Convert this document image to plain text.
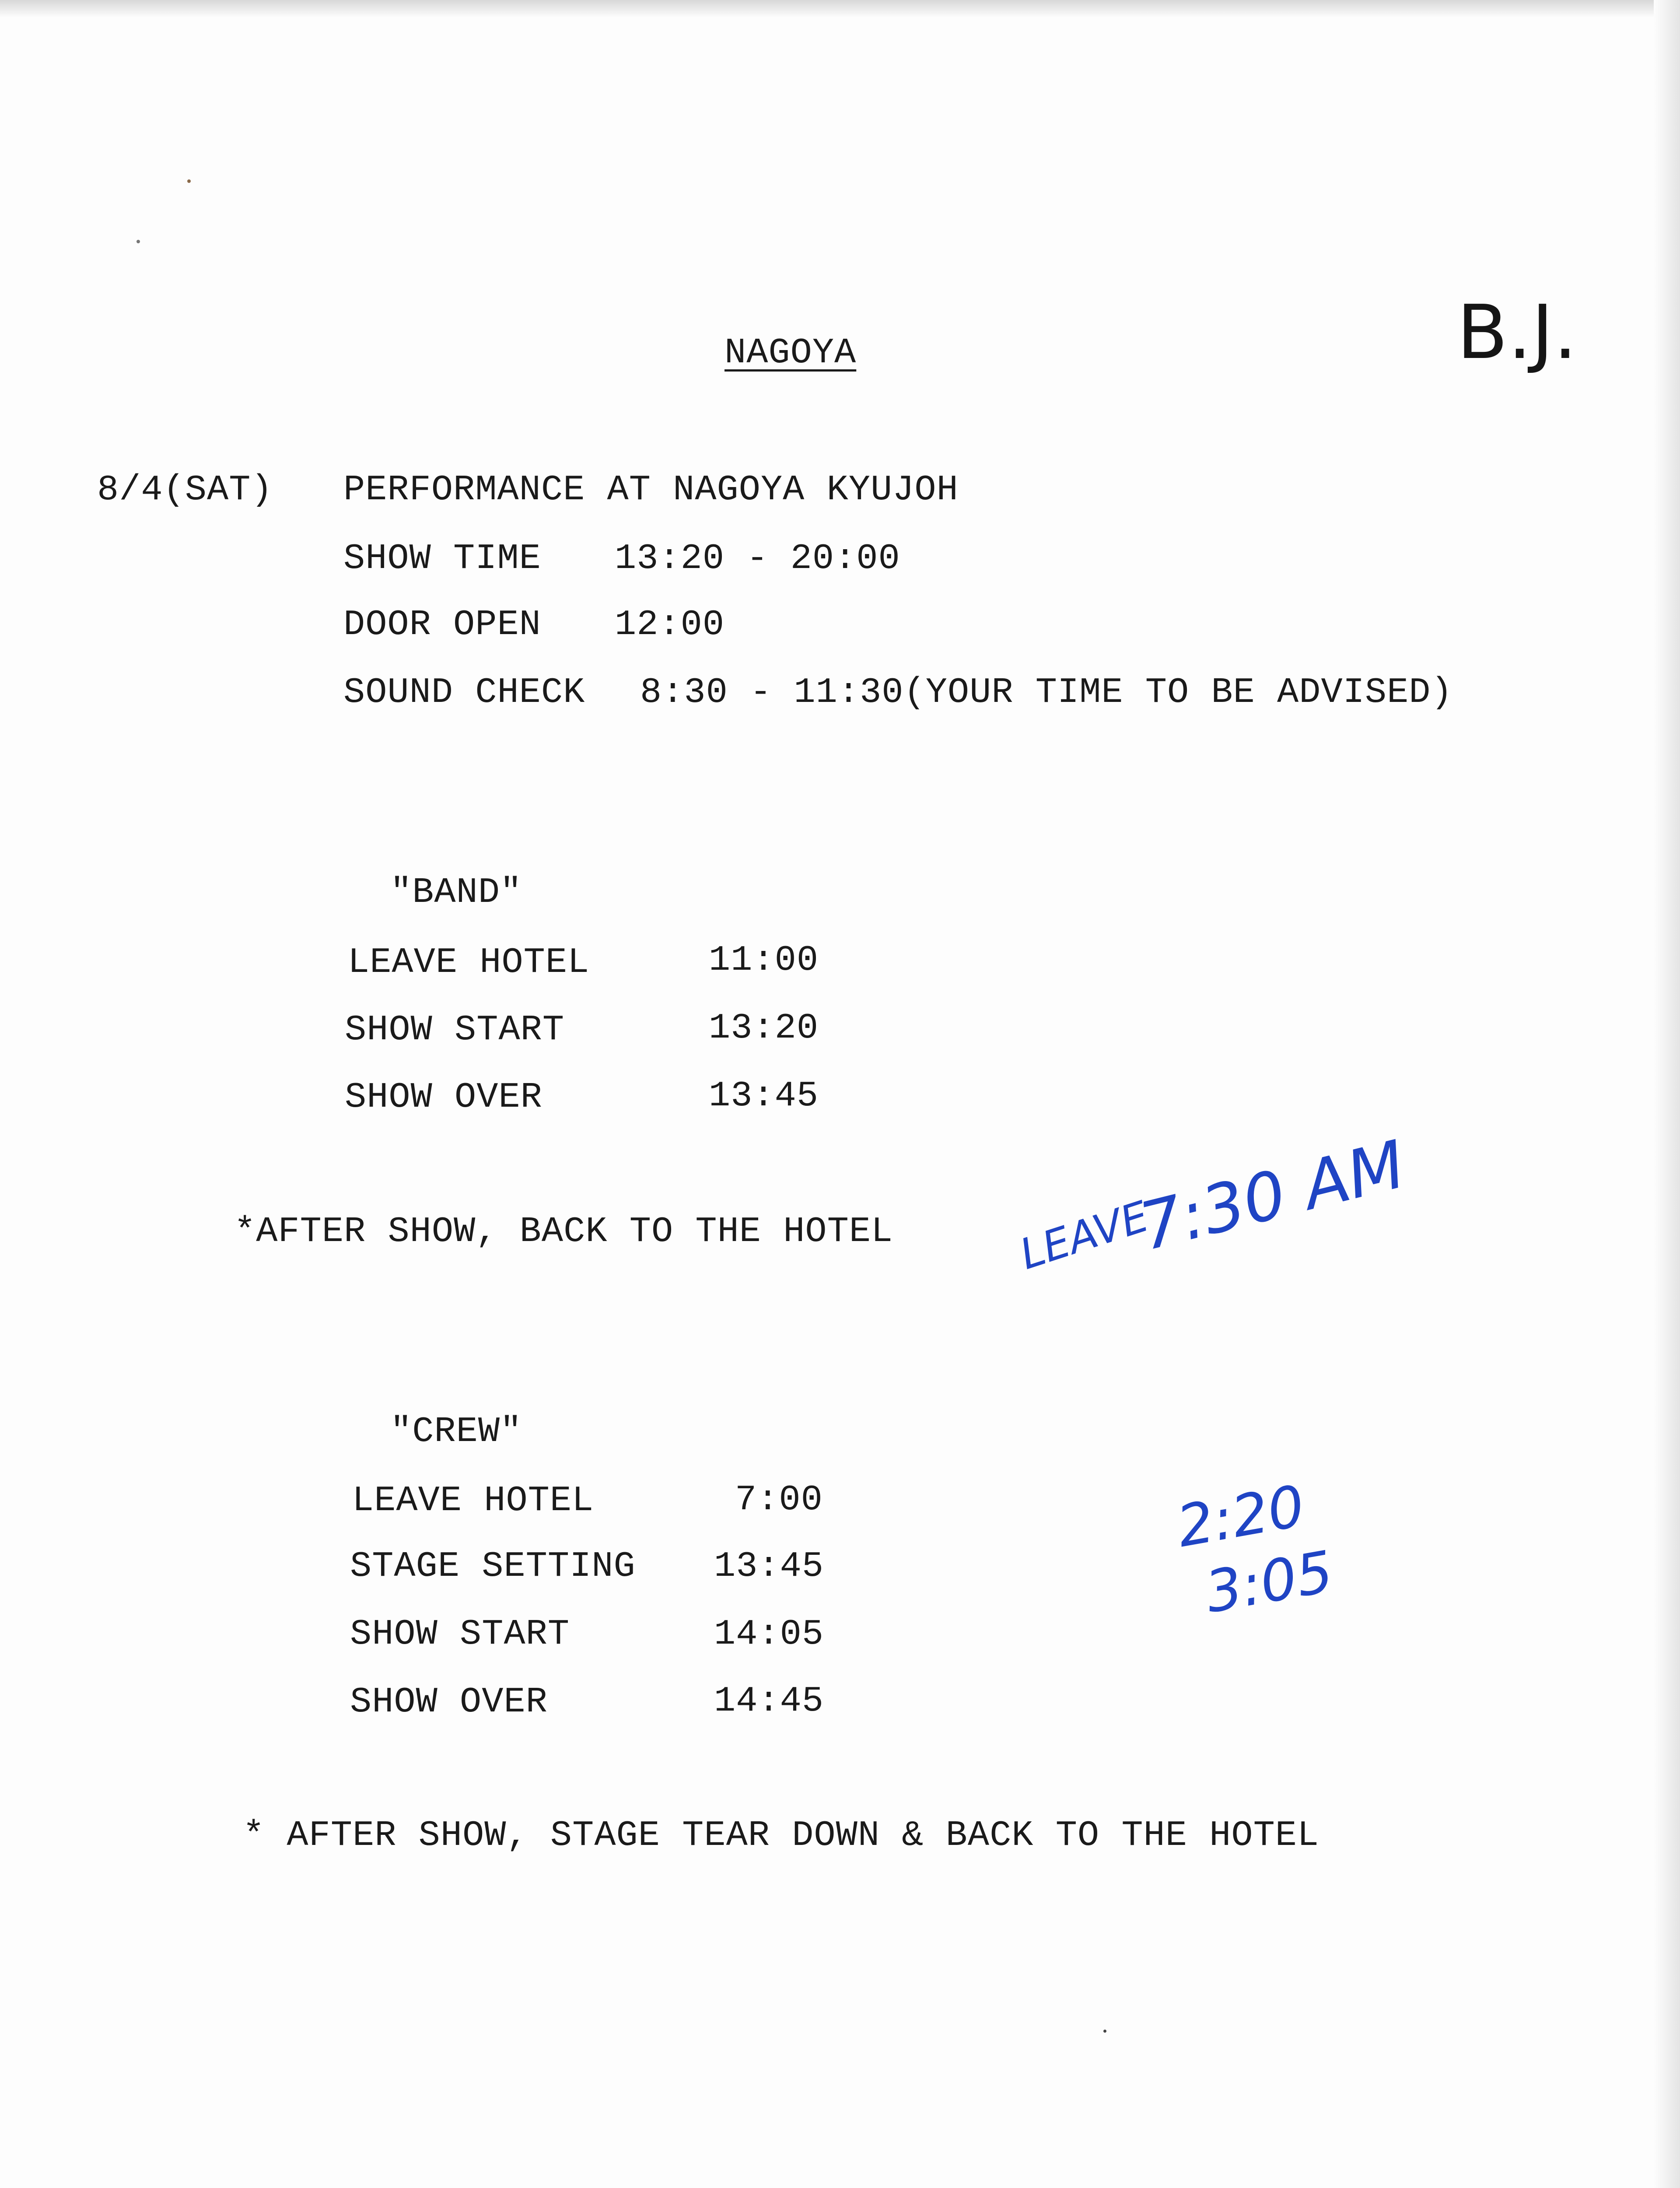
NAGOYA	B.J.
8/4(SAT) PERFORMANCE AT NAGOYA KYUJOH
SHOW TIME 13:20 - 20:00
DOOR OPEN 12:00
SOUND CHECK 8:30 - 11:30(YOUR TIME TO BE ADVISED)
"BAND"
LEAVE HOTEL	11:00
SHOW START	13:20
SHOW OVER	13:45
*AFTER SHOW, BACK TO THE HOTEL	LEAVE
7:30 AM
"CREW"
LEAVE HOTEL	7:00
STAGE SETTING 13:45
SHOW START	14:05
SHOW OVER	14:45
2:20
3:05
* AFTER SHOW, STAGE TEAR DOWN & BACK TO THE HOTEL
